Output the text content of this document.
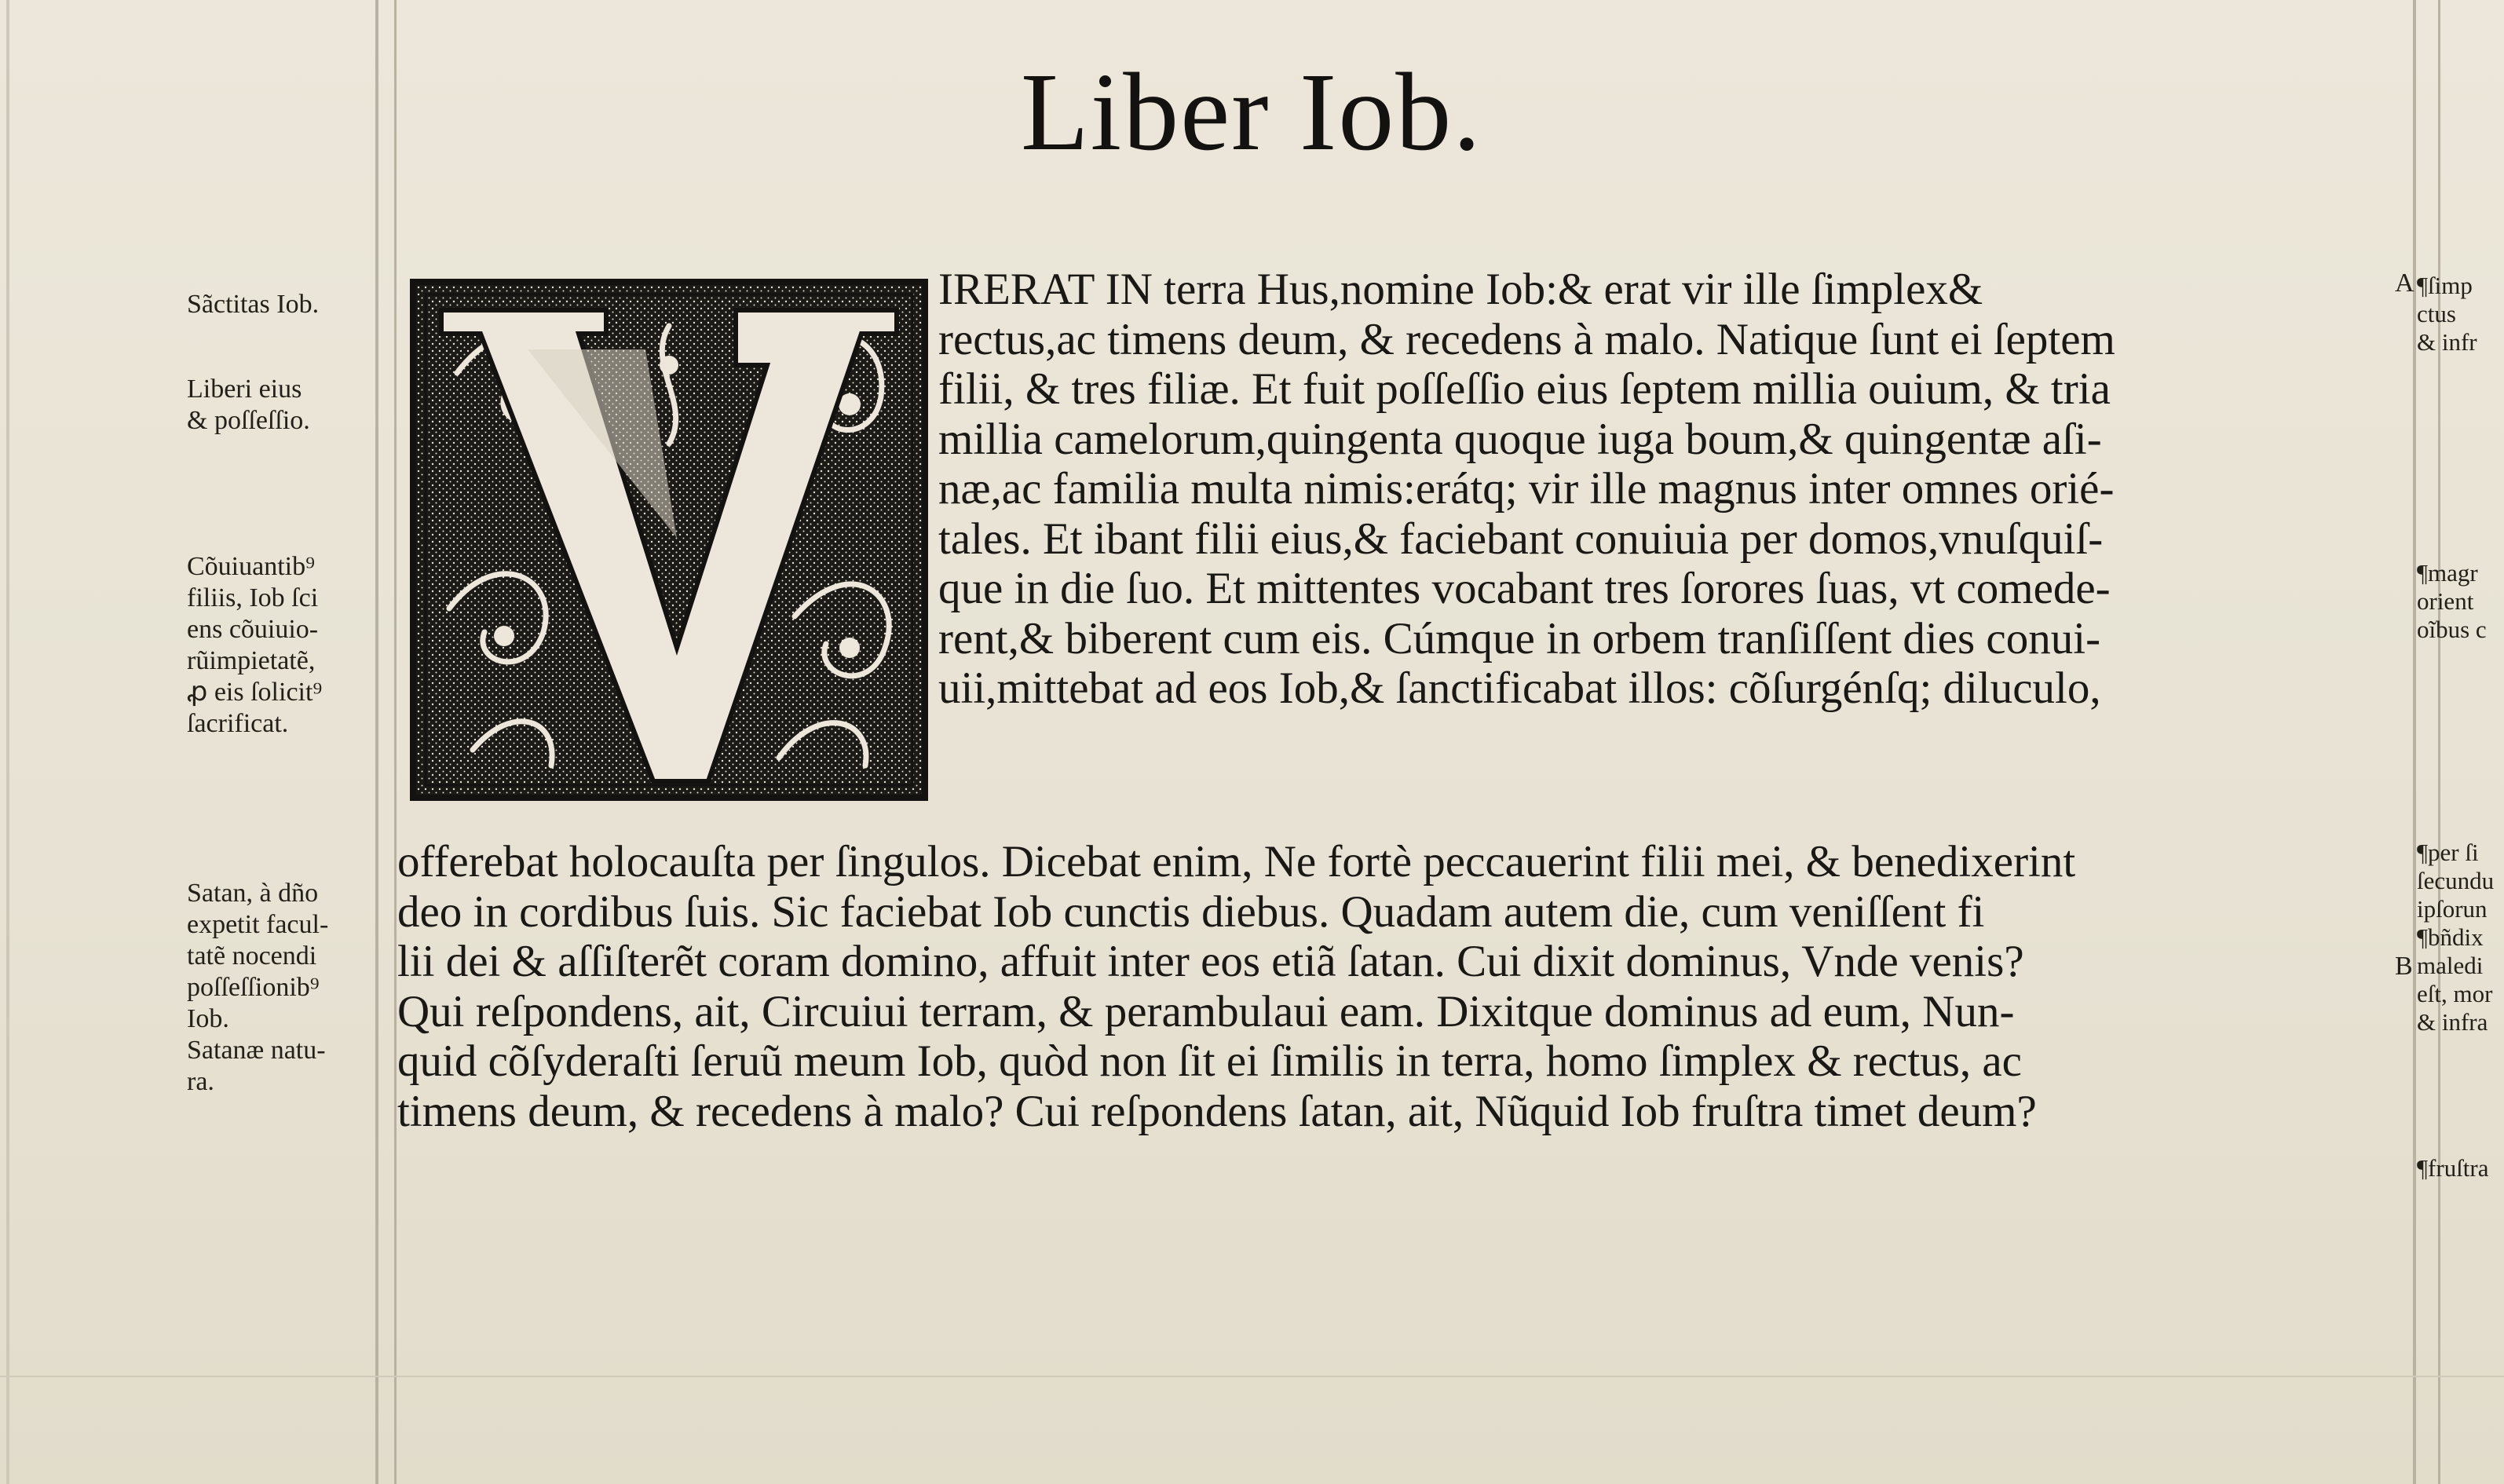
Liber Iob.
IRERAT IN terra Hus,nomine Iob:& erat vir ille ſimplex&
rectus,ac timens deum, & recedens à malo. Natique ſunt ei ſeptem
filii, & tres filiæ. Et fuit poſſeſſio eius ſeptem millia ouium, & tria
millia camelorum,quingenta quoque iuga boum,& quingentæ aſi-
næ,ac familia multa nimis:erátq; vir ille magnus inter omnes orié-
tales. Et ibant filii eius,& faciebant conuiuia per domos,vnuſquiſ-
que in die ſuo. Et mittentes vocabant tres ſorores ſuas, vt comede-
rent,& biberent cum eis. Cúmque in orbem tranſiſſent dies conui-
uii,mittebat ad eos Iob,& ſanctificabat illos: cõſurgénſq; diluculo,
offerebat holocauſta per ſingulos. Dicebat enim, Ne fortè peccauerint filii mei, & benedixerint
deo in cordibus ſuis. Sic faciebat Iob cunctis diebus. Quadam autem die, cum veniſſent fi
lii dei & aſſiſterẽt coram domino, affuit inter eos etiã ſatan. Cui dixit dominus, Vnde venis?
Qui reſpondens, ait, Circuiui terram, & perambulaui eam. Dixitque dominus ad eum, Nun-
quid cõſyderaſti ſeruũ meum Iob, quòd non ſit ei ſimilis in terra, homo ſimplex & rectus, ac
timens deum, & recedens à malo? Cui reſpondens ſatan, ait, Nũquid Iob fruſtra timet deum?
Sãctitas Iob.
Liberi eius
& poſſeſſio.
Cõuiuantib⁹
filiis, Iob ſci
ens cõuiuio-
rũimpietatẽ,
ꝓ eis ſolicit⁹
ſacrificat.
Satan, à dño
expetit facul-
tatẽ nocendi
poſſeſſionib⁹
Iob.
Satanæ natu-
ra.
A
B
¶ſimp
ctus
& infr
¶magr
orient
oĩbus c
¶per ſi
ſecundu
ipſorun
¶bñdix
maledi
eſt, mor
& infra
¶fruſtra
